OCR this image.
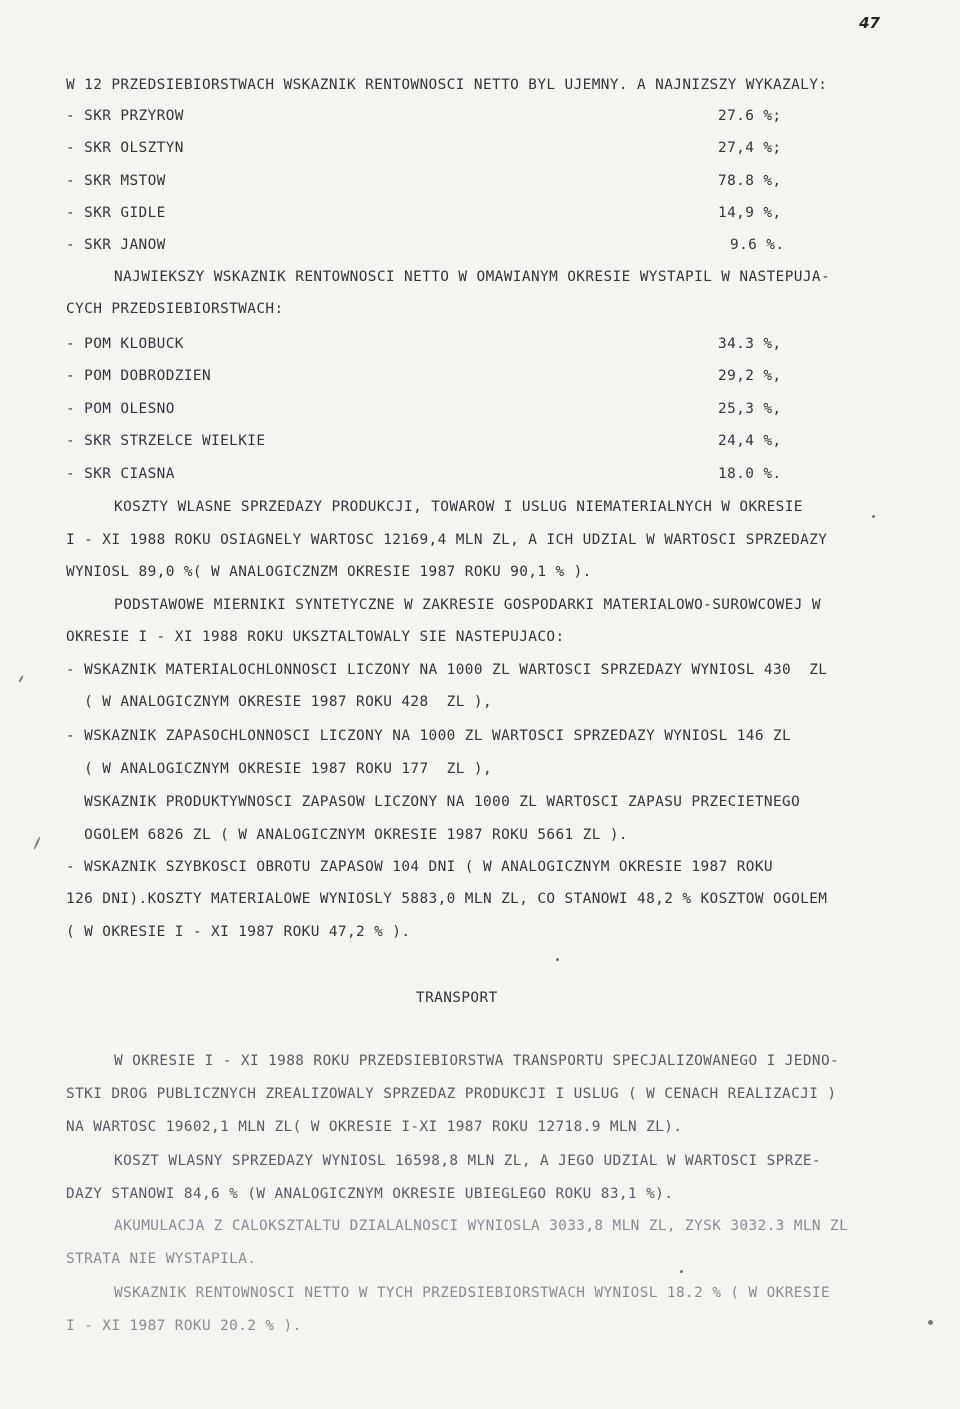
47
W 12 PRZEDSIEBIORSTWACH WSKAZNIK RENTOWNOSCI NETTO BYL UJEMNY. A NAJNIZSZY WYKAZALY:
- SKR PRZYROW	27.6 %;
- SKR OLSZTYN	27,4 %;
- SKR MSTOW	78.8 %,
- SKR GIDLE	14,9 %,
- SKR JANOW	9.6 %.
NAJWIEKSZY WSKAZNIK RENTOWNOSCI NETTO W OMAWIANYM OKRESIE WYSTAPIL W NASTEPUJA-
CYCH PRZEDSIEBIORSTWACH:
- POM KLOBUCK	34.3 %,
- POM DOBRODZIEN	29,2 %,
- POM OLESNO	25,3 %,
- SKR STRZELCE WIELKIE	24,4 %,
- SKR CIASNA	18.0 %.
KOSZTY WLASNE SPRZEDAZY PRODUKCJI, TOWAROW I USLUG NIEMATERIALNYCH W OKRESIE
I - XI 1988 ROKU OSIAGNELY WARTOSC 12169,4 MLN ZL, A ICH UDZIAL W WARTOSCI SPRZEDAZY
WYNIOSL 89,0 %( W ANALOGICZNZM OKRESIE 1987 ROKU 90,1 % ).
PODSTAWOWE MIERNIKI SYNTETYCZNE W ZAKRESIE GOSPODARKI MATERIALOWO-SUROWCOWEJ W
OKRESIE I - XI 1988 ROKU UKSZTALTOWALY SIE NASTEPUJACO:
- WSKAZNIK MATERIALOCHLONNOSCI LICZONY NA 1000 ZL WARTOSCI SPRZEDAZY WYNIOSL 430  ZL
( W ANALOGICZNYM OKRESIE 1987 ROKU 428  ZL ),
- WSKAZNIK ZAPASOCHLONNOSCI LICZONY NA 1000 ZL WARTOSCI SPRZEDAZY WYNIOSL 146 ZL
( W ANALOGICZNYM OKRESIE 1987 ROKU 177  ZL ),
WSKAZNIK PRODUKTYWNOSCI ZAPASOW LICZONY NA 1000 ZL WARTOSCI ZAPASU PRZECIETNEGO
OGOLEM 6826 ZL ( W ANALOGICZNYM OKRESIE 1987 ROKU 5661 ZL ).
- WSKAZNIK SZYBKOSCI OBROTU ZAPASOW 104 DNI ( W ANALOGICZNYM OKRESIE 1987 ROKU
126 DNI).KOSZTY MATERIALOWE WYNIOSLY 5883,0 MLN ZL, CO STANOWI 48,2 % KOSZTOW OGOLEM
( W OKRESIE I - XI 1987 ROKU 47,2 % ).
TRANSPORT
W OKRESIE I - XI 1988 ROKU PRZEDSIEBIORSTWA TRANSPORTU SPECJALIZOWANEGO I JEDNO-
STKI DROG PUBLICZNYCH ZREALIZOWALY SPRZEDAZ PRODUKCJI I USLUG ( W CENACH REALIZACJI )
NA WARTOSC 19602,1 MLN ZL( W OKRESIE I-XI 1987 ROKU 12718.9 MLN ZL).
KOSZT WLASNY SPRZEDAZY WYNIOSL 16598,8 MLN ZL, A JEGO UDZIAL W WARTOSCI SPRZE-
DAZY STANOWI 84,6 % (W ANALOGICZNYM OKRESIE UBIEGLEGO ROKU 83,1 %).
AKUMULACJA Z CALOKSZTALTU DZIALALNOSCI WYNIOSLA 3033,8 MLN ZL, ZYSK 3032.3 MLN ZL
STRATA NIE WYSTAPILA.
WSKAZNIK RENTOWNOSCI NETTO W TYCH PRZEDSIEBIORSTWACH WYNIOSL 18.2 % ( W OKRESIE
I - XI 1987 ROKU 20.2 % ).
